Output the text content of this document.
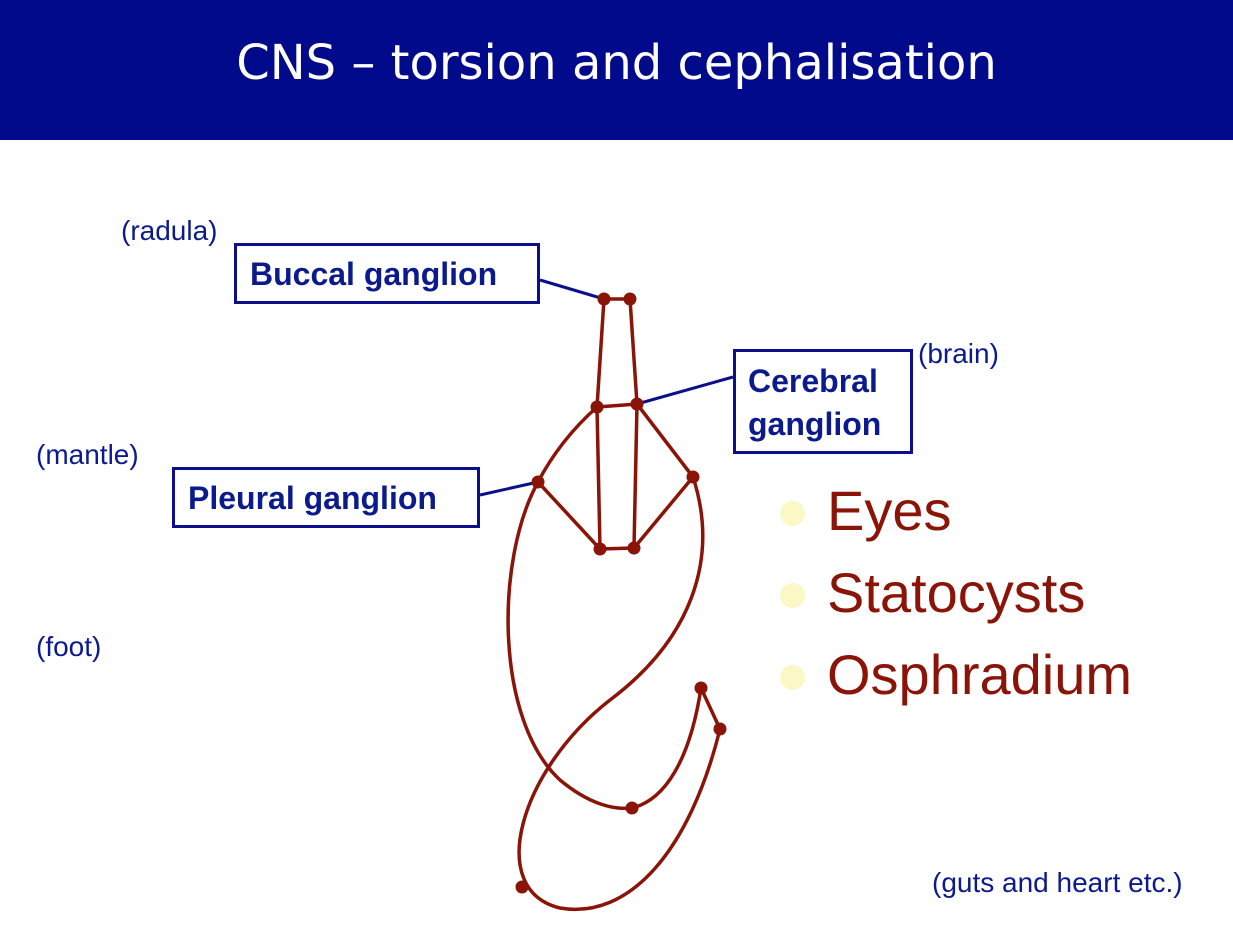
CNS – torsion and cephalisation
Buccal ganglion
Cerebral
ganglion
Pleural ganglion
(radula)
(brain)
(mantle)
(foot)
(guts and heart etc.)
Eyes
Statocysts
Osphradium
